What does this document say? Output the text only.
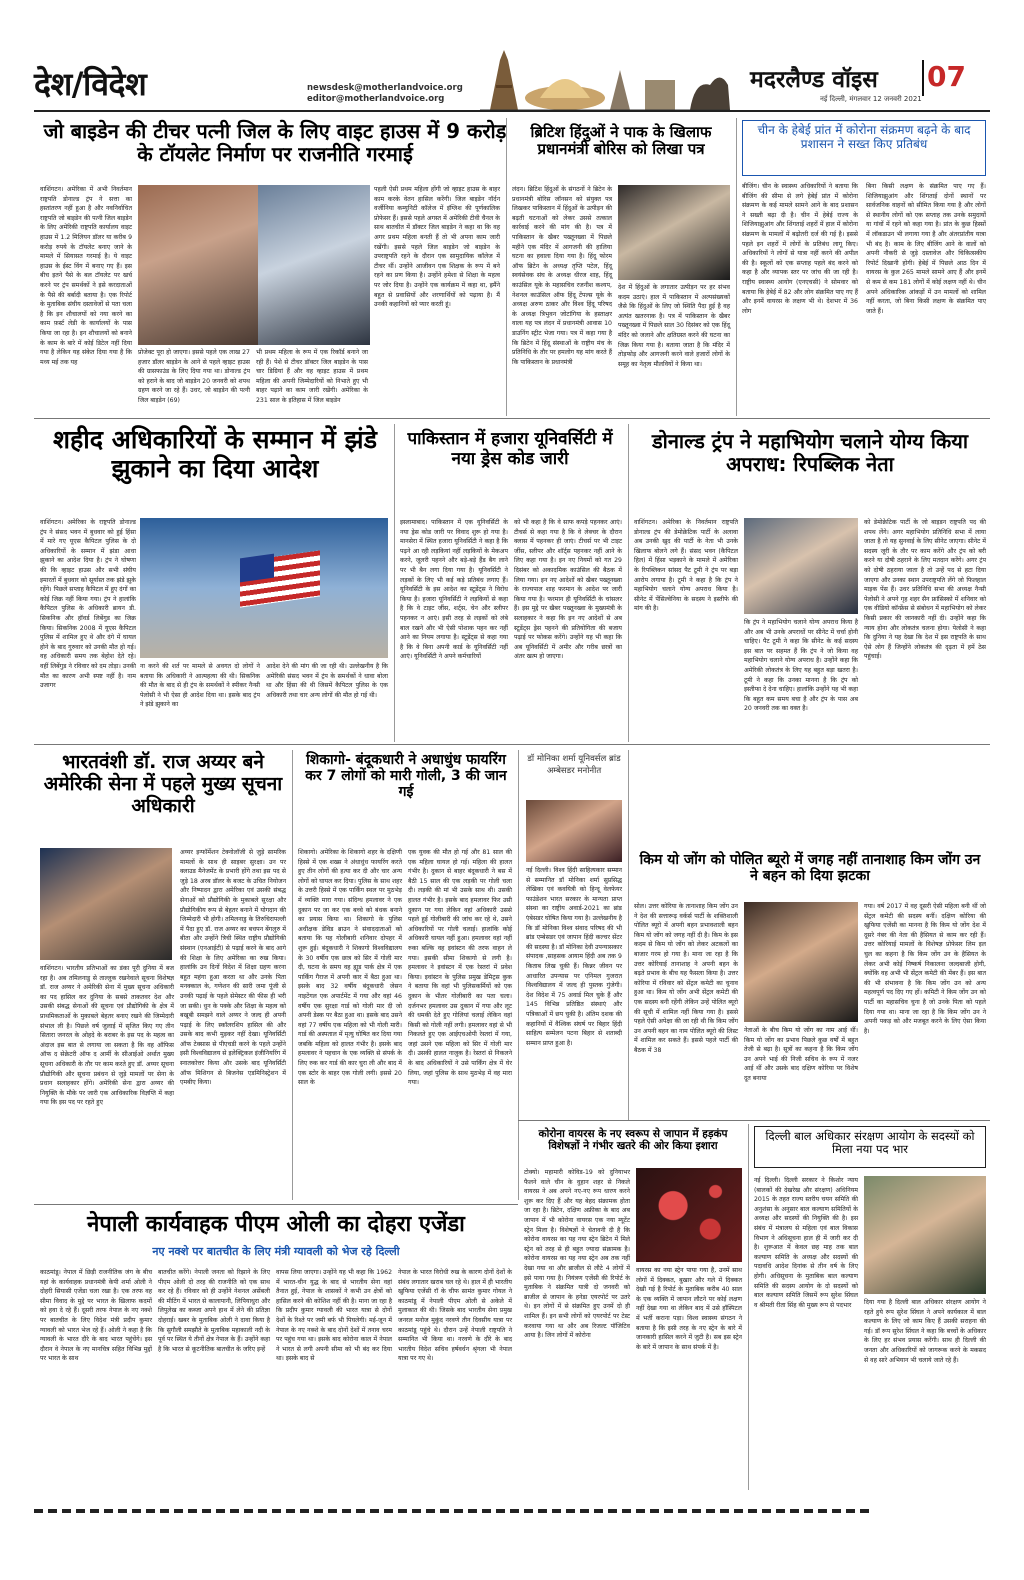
देश/विदेश	newsdesk@motherlandvoice.org
editor@motherlandvoice.org
मदरलैण्ड वॉइस 07
नई दिल्ली, मंगलवार 12 जनवरी 2021
जो बाइडेन की टीचर पत्नी जिल के लिए वाइट हाउस में 9 करोड़ के टॉयलेट निर्माण पर राजनीति गरमाई
वाशिंगटन। अमेरिका में अभी निवर्तमान राष्ट्रपति डोनाल्ड ट्रंप ने सत्ता का हस्तांतरण नहीं हुआ है और नवनिर्वाचित राष्ट्रपति जो बाइडेन की पत्नी जिल बाइडेन के लिए अमेरिकी राष्ट्रपति कार्यालय वाइट हाउस में 1.2 मिलियन डॉलर या करीब 9 करोड़ रुपये के टॉयलेट बनाए जाने के मामले में सियासत गरमाई है। ये वाइट हाउस के ईस्ट विंग में बनाए गए हैं। इस बीच इतने पैसे के बल टॉयलेट पर खर्च करने पर ट्रंप समर्थकों ने इसे करदाताओं के पैसे की बर्बादी बताया है। एक रिपोर्ट के मुताबिक संघीय दस्तावेजों से पता चला है कि इन शौचालयों को नया करने का काम फ़र्स्ट लेडी के कार्यालयों के पास किया जा रहा है। इन शौचालयों को बनाने के काम के बारे में कोई डिटेल नहीं दिया गया है लेकिन यह संकेत दिया गया है कि मध्य मई तक यह
प्रोजेक्ट पूरा हो जाएगा। इससे पहले एक लाख 27 हजार डॉलर बाइडेन के आने से पहले व्हाइट हाउस की ग्रासफाउंड के लिए दिया गया था। डोनाल्ड ट्रंप को हराने के बाद जो बाइडेन 20 जनवरी को शपथ ग्रहण करने जा रहे हैं। उधर, जो बाइडेन की पत्नी जिल बाइडेन (69)
भी प्रथम महिला के रूप में एक रिकॉर्ड बनाने जा रही हैं। पेशे से टीचर डॉक्टर जिल बाइडेन के पास चार डिग्रियां हैं और वह व्हाइट हाउस में प्रथम महिला की अपनी जिम्मेदारियों को निभाते हुए भी बाहर पढ़ाने का काम जारी रखेंगी। अमेरिका के 231 साल के इतिहास में जिल बाइडेन
पहली ऐसी प्रथम महिला होंगी जो व्हाइट हाउस के बाहर काम करके वेतन हासिल करेंगी। जिल बाइडेन नॉर्दन वर्जीनिया कम्युनिटी कॉलेज में इंग्लिश की पूर्णकालिक प्रोफेसर हैं। इससे पहले अगस्त में अमेरिकी टीवी चैनल के साथ बातचीत में डॉक्टर जिल बाइडेन ने कहा था कि वह अगर प्रथम महिला बनती हैं तो भी अपना काम जारी रखेंगी। इससे पहले जिल बाइडेन जो बाइडेन के उपराष्ट्रपति रहने के दौरान एक सामुदायिक कॉलेज में टीचर थीं। उन्होंने आजीवन एक शिक्षक के रूप में बने रहने का प्रण किया है। उन्होंने हमेशा से शिक्षा के महत्व पर जोर दिया है। उन्होंने एक कार्यक्रम में कहा था, ह्रमैंने बहुत से प्रवासियों और शरणार्थियों को पढ़ाया है। मैं उनकी कहानियों को प्यार करती हूं।
ब्रिटिश हिंदुओं ने पाक के खिलाफ प्रधानमंत्री बोरिस को लिखा पत्र
लंदन। ब्रिटिश हिंदुओं के संगठनों ने ब्रिटेन के प्रधानमंत्री बोरिस जॉनसन को संयुक्त पत्र लिखकर पाकिस्तान में हिंदुओं के उत्पीड़न की बढ़ती घटनाओं को लेकर उससे तत्काल कार्रवाई करने की मांग की है। पत्र में पाकिस्तान के खैबर पख्तूनख्वा में पिछले महीने एक मंदिर में आगजनी की हालिया घटना का हवाला दिया गया है। हिंदू फोरम ऑफ ब्रिटेन के अध्यक्ष तृप्ति पटेल, हिंदू स्वयंसेवक संघ के अध्यक्ष धीरज शाह, हिंदू काउंसिल यूके के महासचिव रजनीश कश्यप, नेशनल काउंसिल ऑफ हिंदू टेंपल्स यूके के अध्यक्ष अरुण ठाकर और विश्व हिंदू परिषद के अध्यक्ष त्रिभुवन जोटांगिया के हस्ताक्षर वाला यह पत्र लंदन में प्रधानमंत्री आवास 10 डाउनिंग स्ट्रीट भेजा गया। पत्र में कहा गया है कि ब्रिटेन में हिंदू संस्थाओं के राष्ट्रीय मंच के प्रतिनिधि के तौर पर हमलोग यह मांग करते हैं कि पाकिस्तान के प्रधानमंत्री
देश में हिंदुओं के लगातार उत्पीड़न पर हर संभव कदम उठाएं। हाल में पाकिस्तान में अल्पसंख्यकों जैसे कि हिंदुओं के लिए जो स्थिति पैदा हुई है वह अत्यंत खतरनाक है। पत्र में पाकिस्तान के खैबर पख्तूनख्वा में पिछले साल 30 दिसंबर को एक हिंदू मंदिर को जलाने और क्षतिग्रस्त करने की घटना का जिक्र किया गया है। बताया जाता है कि मंदिर में तोड़फोड़ और आगजनी करने वाले हजारों लोगों के समूह का नेतृत्व मौलवियों ने किया था।
चीन के हेबेई प्रांत में कोरोना संक्रमण बढ़ने के बाद प्रशासन ने सख्त किए प्रतिबंध
बीजिंग। चीन के स्वास्थ्य अधिकारियों ने बताया कि बीजिंग की सीमा से लगे हेबेई प्रांत में कोरोना संक्रमण के कई मामले सामने आने के बाद प्रशासन ने सख्ती बढ़ा दी है। चीन में हेबेई राज्य के शिजियाझुआंग और शिंगताई शहरों में हाल में कोरोना संक्रमण के मामलों में बढ़ोतरी दर्ज की गई है। इससे पहले इन शहरों में लोगों के प्रतिबंध लागू किए। अधिकारियों ने लोगों से यात्रा नहीं करने की अपील की है। स्कूलों को एक सप्ताह पहले बंद करने को कहा है और व्यापक स्तर पर जांच की जा रही है। राष्ट्रीय स्वास्थ्य आयोग (एनएचसी) ने सोमवार को बताया कि हेबेई में 82 और लोग संक्रमित पाए गए हैं और इनमें वायरस के लक्षण भी थे। देशभर में 36 लोग
बिना किसी लक्षण के संक्रमित पाए गए हैं। शिजियाझुआंग और शिंगताई दोनों स्थानों पर सार्वजनिक वाहनों को सीमित किया गया है और लोगों से स्थानीय लोगों को एक सप्ताह तक उनके समुदायों या गांवों में रहने को कहा गया है। प्रांत के कुछ हिस्सों में लॉकडाउन भी लगाया गया है और अंतरप्रांतीय यात्रा भी बंद है। काम के लिए बीजिंग आने के वालों को अपनी नौकरी से जुड़े दस्तावेज और चिकित्सकीय रिपोर्ट दिखानी होगी। हेबेई में पिछले आठ दिन में वायरस के कुल 265 मामले सामने आए हैं और इनमें से कम से कम 181 लोगों में कोई लक्षण नहीं थे। चीन अपने अधिकारिक आंकड़ों में उन मामलों को शामिल नहीं करता, जो बिना किसी लक्षण के संक्रमित पाए जाते हैं।
शहीद अधिकारियों के सम्मान में झंडे झुकाने का दिया आदेश
वाशिंगटन। अमेरिका के राष्ट्रपति डोनाल्ड ट्रंप ने संसद भवन में बुधवार को हुई हिंसा में मारे गए यूएस कैपिटल पुलिस के दो अधिकारियों के सम्मान में झंडा आधा झुकाने का आदेश दिया है। ट्रंप ने घोषणा की कि व्हाइट हाउस और सभी संघीय इमारतों में बुधवार को सूर्यास्त तक झंडे झुके रहेंगे। पिछले सप्ताह कैपिटल में हुए दंगों का कोई जिक्र नहीं किया गया। ट्रंप ने हालांकि कैपिटल पुलिस के अधिकारी ब्रायन डी. सिकनिक और हॉवर्ड लिबेंगुड का जिक्र किया। सिकनिक 2008 में यूएस कैपिटल पुलिस में शामिल हुए थे और दंगे में घायल होने के बाद गुरुवार को उनकी मौत हो गई। वह अधिकारी समय तक बेहोश देते रहे। वहीं लिबेंगुड ने रविवार को दम तोड़ा। उनकी मौत का कारण अभी स्पष्ट नहीं है। नाम उजागर
ना करने की शर्त पर मामले से अवगत दो लोगों ने बताया कि अधिकारी ने आत्महत्या की थी। सिकनिक की मौत के बाद से ही ट्रंप के समर्थकों ने स्पीकर नैन्सी पेलोसी ने भी ऐसा ही आदेश दिया था। इसके बाद ट्रंप ने झंडे झुकाने का
आदेश देने की मांग की जा रही थी। उल्लेखनीय है कि अमेरिकी संसद भवन में ट्रंप के समर्थकों ने धावा बोला था और हिंसा की थी जिसमें कैपिटल पुलिस के एक अधिकारी तथा चार अन्य लोगों की मौत हो गई थी।
पाकिस्तान में हजारा यूनिवर्सिटी में नया ड्रेस कोड जारी
इस्लामाबाद। पाकिस्तान में एक यूनिवर्सिटी के नया ड्रेस कोड जारी पर विवाद शुरू हो गया है। मानसेरा में स्थित हजारा यूनिवर्सिटी ने कहा है कि पढ़ने आ रही लड़कियां नहीं लड़कियों के मेकअप करने, जूलरी पहनने और बड़े-बड़े हैंड बैग लाने पर भी बैन लगा दिया गया है। यूनिवर्सिटी ने लड़कों के लिए भी कई कड़े प्रतिबंध लगाए हैं। यूनिवर्सिटी के इस आदेश का स्टूडेंट्स ने विरोध किया है। हजारा यूनिवर्सिटी ने लड़कियों से कहा है कि वे टाइट जींस, शर्ट्स, चेन और स्लीपर पहनकर न आएं। इसी तरह से लड़कों को लंबे बाल रखने और भी ऐसी पोशाक पहन कर नहीं आने का नियम लगाया है। स्टूडेंट्स से कहा गया है कि वे बिना अपनी कार्ड के यूनिवर्सिटी नहीं आएं। यूनिवर्सिटी ने अपने कर्मचारियों
को भी कहा है कि वे साफ कपड़े पहनकर आएं। टीचर्स से कहा गया है कि वे लेक्चर के दौरान क्लास में पहनकर ही जाएं। टीचर्स पर भी टाइट जींस, स्लीपर और शॉर्ट्स पहनकर नहीं आने के लिए कहा गया है। इन नए नियमों को गत 29 दिसंबर को अकादमिक काउंसिल की बैठक में लिया गया। इन नए आदेशों को खैबर पख्तूनख्वा के राज्यपाल शाह फरमान के आदेश पर जारी किया गया है। फरमान ही यूनिवर्सिटी के चांसलर हैं। इस मुद्दे पर खैबर पख्तूनख्वा के मुख्यमंत्री के सलाहकार ने कहा कि इन नए आदेशों से अब स्टूडेंट्स ड्रेस पहनने की प्रतियोगिता की बजाय पढ़ाई पर फोकस करेंगे। उन्होंने यह भी कहा कि अब यूनिवर्सिटी में अमीर और गरीब छात्रों का अंतर खत्म हो जाएगा।
डोनाल्ड ट्रंप ने महाभियोग चलाने योग्य किया अपराध: रिपब्लिक नेता
वाशिंगटन। अमेरिका के निवर्तमान राष्ट्रपति डोनाल्ड ट्रंप की डेमोक्रेटिक पार्टी के अलावा अब उनकी खुद की पार्टी के नेता भी उनके खिलाफ बोलने लगे हैं। संसद भवन (कैपिटल हिल) में हिंसा भड़काने के मामले में अमेरिका के रिपब्लिकन सांसद पैट टूमी ने ट्रंप पर बड़ा आरोप लगाया है। टूमी ने कहा है कि ट्रंप ने महाभियोग चलाने योग्य अपराध किया है। सीनेट में पेंसिल्वेनिया के सदस्य ने इस्तीफे की मांग की है।
कि ट्रंप ने महाभियोग चलाने योग्य अपराध किया है और अब भी उनके अपराधों पर सीनेट में चर्चा होनी चाहिए। पैट टूमी ने कहा कि सीनेट के कई सदस्य इस बात पर सहमत हैं कि ट्रंप ने जो किया वह महाभियोग चलाने योग्य अपराध है। उन्होंने कहा कि अमेरिकी लोकतंत्र के लिए यह बहुत बड़ा खतरा है। टूमी ने कहा कि उनका मानना है कि ट्रंप को इस्तीफा दे देना चाहिए। हालांकि उन्होंने यह भी कहा कि बहुत कम समय बचा है और ट्रंप के पास अब 20 जनवरी तक का वक्त है।
को डेमोक्रेटिक पार्टी के जो बाइडन राष्ट्रपति पद की शपथ लेंगे। अगर महाभियोग प्रतिनिधि सभा में लाया जाता है तो यह सुनवाई के लिए सीनेट जाएगा। सीनेट में सदस्य जूरी के तौर पर काम करेंगे और ट्रंप को बरी करने या दोषी ठहराने के लिए मतदान करेंगे। अगर ट्रंप को दोषी ठहराया जाता है तो उन्हें पद से हटा दिया जाएगा और उनका स्थान उपराष्ट्रपति लेंगे जो फिलहाल माइक पेंस हैं। उधर प्रतिनिधि सभा की अध्यक्ष नैन्सी पेलोसी ने अपने गृह शहर सैन फ्रांसिस्को में शनिवार को एक वीडियो कॉन्फ्रेंस से संबोधन में महाभियोग को लेकर किसी प्रकार की जानकारी नहीं दी। उन्होंने कहा कि न्याय होना और लोकतंत्र चलना होगा। पेलोसी ने कहा कि दुनिया ने यह देखा कि देश में इस राष्ट्रपति के साथ ऐसे लोग हैं जिन्होंने लोकतंत्र की दृढ़ता में हमें ठेस पहुंचाई।
भारतवंशी डॉ. राज अय्यर बने अमेरिकी सेना में पहले मुख्य सूचना अधिकारी
वाशिंगटन। भारतीय प्रतिभाओं का डंका पूरी दुनिया में बज रहा है। अब तमिलनाडु से ताल्लुक रखनेवाले सूचना विशेषज्ञ डॉ. राज अय्यर ने अमेरिकी सेना में मुख्य सूचना अधिकारी का पद हासिल कर दुनिया के सबसे ताकतवर देश और उसकी संबद्ध सेनाओं की सूचना एवं प्रौद्योगिकी के क्षेत्र में प्राथमिकताओं के मुकाबले बेहतर बनाए रखने की जिम्मेदारी संभाल ली है। पिछले वर्ष जुलाई में सृजित किए गए तीन सितारा जनरल के ओहदे के बराबर के इस पद के महत्व का अंदाज इस बात से लगाया जा सकता है कि वह ऑफिस ऑफ द सेक्रेटरी ऑफ द आर्मी के सीआईओ अर्थात मुख्य सूचना अधिकारी के तौर पर काम करते हुए डॉ. अय्यर सूचना प्रौद्योगिकी और सूचना प्रबंधन से जुड़े मामलों पर सेना के प्रधान सलाहकार होंगे। अमेरिकी सेना द्वारा अय्यर की नियुक्ति के मौके पर जारी एक आधिकारिक विज्ञप्ति में कहा गया कि इस पद पर रहते हुए
अय्यर इन्फॉर्मेशन टेक्नोलॉजी से जुड़े सामरिक मामलों के साथ ही साइबर सुरक्षा। उन पर क्लाउड मैनेजमेंट के प्रभारी होंगे तथा इस पद से जुड़े 18 अरब डॉलर के बजट के उचित नियोजन और निष्पादन द्वारा अमेरिका एवं उसकी संबद्ध सेनाओं को प्रौद्योगिकी के मुकाबले सुरक्षा और प्रौद्योगिकीय रूप से बेहतर बनाने में योगदान की जिम्मेदारी भी होगी। तमिलनाडु के तिरुचिरापल्ली में पैदा हुए डॉ. राज अय्यर का बचपन बेंगलुरु में बीता और उन्होंने त्रिची स्थित राष्ट्रीय प्रौद्योगिकी संस्थान (एनआईटी) से पढ़ाई करने के बाद आगे की शिक्षा के लिए अमेरिका का रुख किया। हालांकि उन दिनों विदेश में शिक्षा ग्रहण करना बहुत महंगा हुआ करता था और उनके पिता मनक्काल के, गणेशन की सारी जमा पूंजी से उनकी पढ़ाई के पहले सेमेस्टर की फीस ही भरी जा सकी। धुन के पक्के और शिक्षा के महत्व को बखूबी समझने वाले अय्यर ने जल्द ही अपनी पढ़ाई के लिए स्कॉलरशिप हासिल की और उसके बाद कभी मुड़कर नहीं देखा। यूनिवर्सिटी ऑफ टेक्सास से पीएचडी करने के पहले उन्होंने इसी विश्वविद्यालय से इलेक्ट्रिकल इंजीनियरिंग में स्नातकोत्तर किया और उसके बाद यूनिवर्सिटी ऑफ मिशिगन से बिजनेस एडमिनिस्ट्रेशन में एमबीए किया।
शिकागो- बंदूकधारी ने अधाधुंध फायरिंग कर 7 लोगों को मारी गोली, 3 की जान गई
शिकागो। अमेरिका के शिकागो शहर के दक्षिणी हिस्से में एक शख्स ने अंधाधुंध फायरिंग करते हुए तीन लोगों की हत्या कर दी और चार अन्य लोगों को घायल कर दिया। पुलिस के साथ शहर के उत्तरी हिस्से में एक पार्किंग स्थल पर मुठभेड़ में व्यक्ति मारा गया। संदिग्ध हमलावर ने एक दुकान पर जा कर एक बच्चे को बंधक बनाने का प्रयास किया था। शिकागो के पुलिस अधीक्षक डेविड ब्राउन ने संवाददाताओं को बताया कि यह गोलीबारी शनिवार दोपहर में शुरू हुई। बंदूकधारी ने शिकागो विश्वविद्यालय के 30 वर्षीय एक छात्र को सिर में गोली मार दी, घटना के समय वह ह्यूड पार्क क्षेत्र में एक पार्किंग गैराज में अपनी कार में बैठा हुआ था। इसके बाद 32 वर्षीय बंदूकधारी जेसन नाइटेंगल एक अपार्टमेंट में गया और वहां 46 वर्षीय एक सुरक्षा गार्ड को गोली मार दी जो अपनी डेस्क पर बैठा हुआ था। इसके बाद उसने वहां 77 वर्षीय एक महिला को भी गोली मारी। गार्ड की अस्पताल में मृत्यु घोषित कर दिया गया जबकि महिला को हालत गंभीर है। इसके बाद हमलावर ने पहचान के एक व्यक्ति से संपर्क के लिए रुक कर गार्ड की कार चुरा ली और बाद में एक स्टोर के बाहर एक गोली लगी। इससे 20 साल के
एक युवक की मौत हो गई और 81 साल की एक महिला घायल हो गई। महिला की हालत गंभीर है। दुकान से बाहर बंदूकधारी ने बस में बैठी 15 साल की एक लड़की पर गोली चला दी। लड़की की मां भी उसके साथ थी। उसकी हालत गंभीर है। इसके बाद हमलावर फिर उसी दुकान पर गया लेकिन वहां अधिकारी उससे पहले हुई गोलीबारी की जांच कर रहे थे, उसने अधिकारियों पर गोली चलाई। हालांकि कोई अधिकारी घायल नहीं हुआ। हमलावर वहां नहीं रुका बल्कि वह इवांस्टन की तरफ वाहन ले गया। इसकी सीमा शिकागो से लगी है। हमलावर ने इवांस्टन में एक रेस्तरां में प्रवेश किया। इवांस्टन के पुलिस प्रमुख डेमिट्रस कुक ने बताया कि वहां भी पुलिसकर्मियों को एक दुकान के भीतर गोलीबारी का पता चला। दर्जनभर हमलावर उस दुकान में गया और लूट की धमकी देते हुए गोलियां चलाई लेकिन वहां किसी को गोली नहीं लगी। हमलावर वहां से भी निकलते हुए एक आईएचओपी रेस्तरां में गया, जहां उसने एक महिला को सिर में गोली मार दी। उसकी हालत नाजुक है। रेस्तरां से निकलने के बाद अधिकारियों ने उसे पार्किंग क्षेत्र में घेर लिया, जहां पुलिस के साथ मुठभेड़ में वह मारा गया।
डॉ मोनिका शर्मा यूनिवर्सल ब्रांड अम्बेसडर मनोनीत
नई दिल्ली। विश्व हिंदी साहित्यकार सम्मान से सम्मानित डॉ मोनिका शर्मा सुप्रसिद्ध लेखिका एवं कवयित्री को हिन्दू वेलफेयर फाउंडेशन भारत सरकार के मान्यता प्राप्त संस्था का राष्ट्रीय अवार्ड-2021 का ब्रांड एंबेसडर घोषित किया गया है। उल्लेखनीय है कि डॉ मोनिका विश्व संवाद परिषद की भी ब्रांड एम्बेसडर एवं जापान हिंदी कल्चर सेंटर की सदस्या है। डॉ मोनिका देवी उपन्यासकार संपादक ,साहसक आयाम हिंदी अब तक 9 किताब लिख चुकी हैं। किन्नर जीवन पर आधारित उपन्यास पर एनिमल गुजरात विश्वविद्यालय में जल्द ही पुस्तक गुंजेगी। देश विदेश में 75 अवार्ड मिल चुके हैं और 145 विभिन्न प्रतिष्ठित संस्थाएं और पत्रिकाओं में छप चुकी है। अंतिम दशक की कहानियों में वैश्विक संघर्ष पर बिहार हिंदी साहित्य सम्मेलन पटना बिहार से शताब्दी सम्मान प्राप्त हुआ है।
किम यो जोंग को पोलित ब्यूरो में जगह नहीं तानाशाह किम जोंग उन ने बहन को दिया झटका
सोल। उत्तर कोरिया के तानाशाह किम जोंग उन ने देश की सत्तारूढ़ वर्कर्स पार्टी के शक्तिशाली पोलित ब्यूरो में अपनी बहन प्रभावशाली बहन किम यो जोंग को जगह नहीं दी है। किम के इस कदम से किम यो जोंग को लेकर अटकलों का बाजार गरम हो गया है। माना जा रहा है कि उत्तर कोरियाई तानाशाह ने अपनी बहन के बढ़ते प्रभाव के बीच यह फैसला किया है। उत्तर कोरिया में रविवार को सेंट्रल कमेटी का चुनाव हुआ था। किम यो जोंग अभी सेंट्रल कमेटी की एक सदस्य बनी रहेंगी लेकिन उन्हें पोलित ब्यूरो की सूची में शामिल नहीं किया गया है। इससे पहले ऐसी अपेक्षा की जा रही थी कि किम जोंग उन अपनी बहन का नाम पोलित ब्यूरो की लिस्ट में शामिल कर सकते हैं। इससे पहले पार्टी की बैठक में 38
नेताओं के बीच किम यो जोंग का नाम आई थीं। किम यो जोंग का प्रभाव पिछले कुछ वर्षों में बहुत तेजी से बढ़ा है। सूत्रों का कहना है कि किम जोंग उन अपने भाई की निजी सचिव के रूप में नजर आई थीं और उसके बाद दक्षिण कोरिया पर विशेष दूत बनाया
गया। वर्ष 2017 में वह दूसरी ऐसी महिला बनी थीं जो सेंट्रल कमेटी की सदस्य बनीं। दक्षिण कोरिया की खुफिया एजेंसी का मानना है कि किम यो जोंग देश में दूसरे नंबर की नेता की हैसियत से काम कर रही हैं। उत्तर कोरियाई मामलों के विशेषज्ञ प्रोफेसर लिम इल चुल का कहना है कि किम जोंग उन के हैसियत के लेकर अभी कोई निष्कर्ष निकालना जल्दबाजी होगी, क्योंकि वह अभी भी सेंट्रल कमेटी की मेंबर हैं। इस बात की भी संभावना है कि किम जोंग उन को अन्य महत्वपूर्ण पद दिए गए हों। कमिटी ने किम जोंग उन को पार्टी का महासचिव चुना है जो उनके पिता को पहले दिया गया था। माना जा रहा है कि किम जोंग उन ने अपनी पकड़ को और मजबूत करने के लिए ऐसा किया है।
कोरोना वायरस के नए स्वरूप से जापान में हड़कंप विशेषज्ञों ने गंभीर खतरे की ओर किया इशारा
टोक्यो। महामारी कोविड-19 को दुनियाभर फैलने वाले चीन के वुहान शहर से निकले वायरस ने अब अपने नए-नए रूप धारण करने शुरू कर दिए हैं और यह बेहद संक्रामक होता जा रहा है। ब्रिटेन, दक्षिण अफ्रीका के बाद अब जापान में भी कोरोना वायरस एक नया म्यूटेंट स्ट्रेन मिला है। विशेषज्ञों ने चेतावनी दी है कि कोरोना वायरस का यह नया स्ट्रेन ब्रिटेन में मिले स्ट्रेन को तरह से ही बहुत ज्यादा संक्रामक है। कोरोना वायरस का यह नया स्ट्रेन अब तक नहीं देखा गया था और ब्राजील से लौटे 4 लोगों में इसे पाया गया है। नियंत्रण एजेंसी की रिपोर्ट के मुताबिक ने संक्रमित यात्री दो जनवरी को ब्राजील से जापान के हनेडा एयरपोर्ट पर उतरे थे। इन लोगों में से संक्रमित हुए उनमें दो ही शामिल हैं। इन सभी लोगों को एयरपोर्ट पर टेस्ट करवाया गया था और अब रिजल्ट पॉजिटिव आया है। जिन लोगों में कोरोना
वायरस का नया स्ट्रेन पाया गया है, उनमें साथ लोगों में दिक्कत, बुखार और गले में दिक्कत देखी गई है रिपोर्ट के मुताबिक करीब 40 साल के एक व्यक्ति में जापान लौटने पर कोई लक्षण नहीं देखा गया था लेकिन बाद में उसे हॉस्पिटल में भर्ती कराना पड़ा। विश्व स्वास्थ्य संगठन ने बताया है कि इसी तरह के नए स्ट्रेन के बारे में जानकारी हासिल करने में जुटी है। सब इस स्ट्रेन के बारे में जापान के साथ संपर्क में है।
दिल्ली बाल अधिकार संरक्षण आयोग के सदस्यों को मिला नया पद भार
नई दिल्ली। दिल्ली सरकार ने किशोर न्याय (बालकों की देखरेख और संरक्षण) अधिनियम 2015 के तहत राज्य स्तरीय चयन समिति की अनुशंसा के अनुसार बाल कल्याण समितियों के अध्यक्ष और सदस्यों की नियुक्ति की है। इस संबंध में मंत्रालय से महिला एवं बाल विकास विभाग ने अधिसूचना हाल ही में जारी कर दी है। शुरूआत में केवल छह माह तक बाल कल्याण समिति के अध्यक्ष और सदस्यों की पदावधि आदेश दिनांक से तीन वर्ष के लिए होगी। अधिसूचना के मुताबिक बाल कल्याण समिति की सदस्य आयोग के दो सदस्यों को बाल कल्याण समिति जिसमें रूप सुरेश सिंघल व श्रीमती रीता सिंह की मुख्य रूप से पदभार	दिया गया है दिल्ली बाल अधिकार संरक्षण आयोग ने रहते हुये रूप सुरेश सिंघल ने अपने कार्यकाल में बाल कल्याण के लिए जो काम किए हैं उसकी सराहना की गई। डॉ रूप सुरेश सिंघल ने कहा कि बच्चों के अधिकार के लिए हर संभव प्रयास करेंगी। साथ ही दिल्ली की जनता और अधिकारियों को जागरूक करने के मकसद से वह सारे अभियान भी चलाये जाते रहे हैं।
नेपाली कार्यवाहक पीएम ओली का दोहरा एजेंडा
नए नक्शे पर बातचीत के लिए मंत्री ग्यावली को भेज रहे दिल्ली
काठमांडू। नेपाल में छिड़ी राजनीतिक जंग के बीच यहां के कार्यवाहक प्रधानमंत्री केपी शर्मा ओली ने दोहरी सियासी एजेंडा चला रखा है। एक तरफ वह सीमा विवाद के मुद्दे पर भारत के खिलाफ कदमों को हवा दे रहे हैं। दूसरी तरफ नेपाल के नए नक्शे पर बातचीत के लिए विदेश मंत्री प्रदीप कुमार ग्यावली को भारत भेज रहे हैं। ओली ने कहा है कि ग्यावली के भारत दौरे के बाद भारत पहुंचेंगे। इस दौरान वे नेपाल के नए मानचित्र सहित विभिन्न मुद्दों पर भारत के साथ
बातचीत करेंगे। नेपाली जनता को रिझाने के लिए पीएम ओली दो तरह की राजनीति को एक साथ कर रहे हैं। रविवार को ही उन्होंने नेशनल असेंबली की मीटिंग में भारत से कालापानी, लिपियाधुरा और लिपुलेख का कब्जा अपने हाथ में लेने की प्रतिज्ञा दोहराई। खबर के मुताबिक ओली ने दावा किया है कि सुगौली समझौते के मुताबिक महाकाली नदी के पूर्व पर स्थित ये तीनों क्षेत्र नेपाल के हैं। उन्होंने कहा है कि भारत से कूटनीतिक बातचीत के जरिए इन्हें
वापस लिया जाएगा। उन्होंने यह भी कहा कि 1962 में भारत-चीन युद्ध के बाद से भारतीय सेना वहां तैनात हुई, नेपाल के शासकों ने कभी उन क्षेत्रों को हासिल करने की कोशिश नहीं की है। माना जा रहा है कि प्रदीप कुमार ग्यावली की भारत यात्रा से दोनों देशों के रिश्ते पर जमी बर्फ भी पिघलेगी। मई-जून में नेपाल के नए नक्शे के बाद दोनों देशों में तनाव चरम पर पहुंच गया था। इसके बाद कोरोना काल में नेपाल ने भारत से लगी अपनी सीमा को भी बंद कर दिया था। इसके बाद से
नेपाल के भारत विरोधी रुख के कारण दोनों देशों के संबंध लगातार खराब चल रहे थे। हाल में ही भारतीय खुफिया एजेंसी रॉ के चीफ सामंत कुमार गोयल ने काठमांडू में नेपाली पीएम ओली से अकेले में मुलाकात की थी। जिसके बाद भारतीय सेना प्रमुख जनरल मनोज मुकुंद नरवणे तीन दिवसीय यात्रा पर काठमांडू पहुंचे थे। दौरान उन्हें नेपाली राष्ट्रपति ने सम्मानित भी किया था। नरवणे के दौरे के बाद भारतीय विदेश सचिव हर्षवर्धन श्रृंगला भी नेपाल यात्रा पर गए थे।
